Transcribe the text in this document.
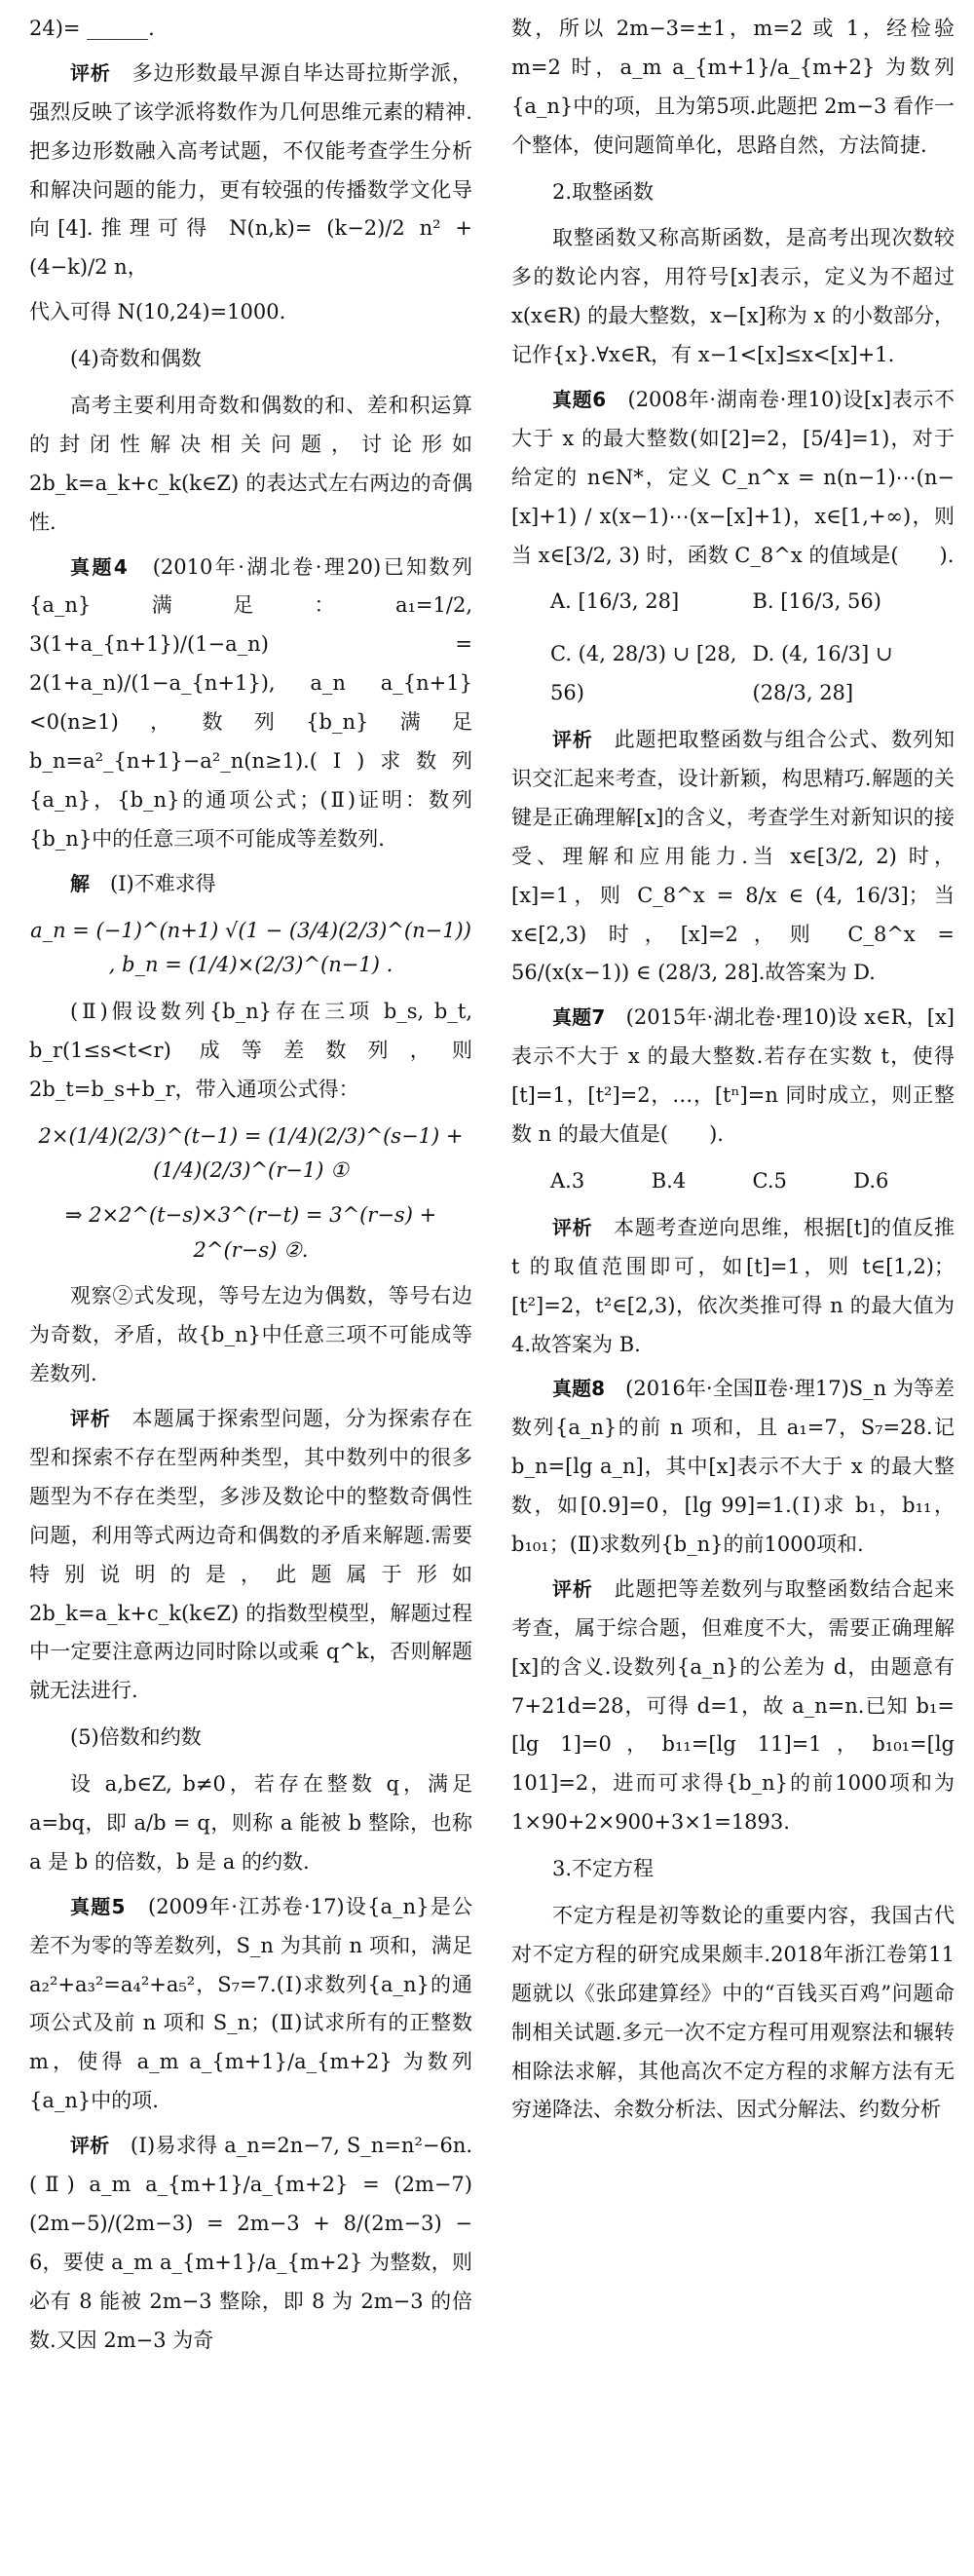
24)= ______.

评析　 多边形数最早源自毕达哥拉斯学派，强烈反映了该学派将数作为几何思维元素的精神.把多边形数融入高考试题，不仅能考查学生分析和解决问题的能力，更有较强的传播数学文化导向[4].推理可得 N(n,k)= (k−2)/2 n² + (4−k)/2 n，

代入可得 N(10,24)=1000.

(4)奇数和偶数

高考主要利用奇数和偶数的和、差和积运算的封闭性解决相关问题，讨论形如 2b_k=a_k+c_k(k∈Z) 的表达式左右两边的奇偶性.

真题4　 (2010年·湖北卷·理20)已知数列{a_n}满足：a₁=1/2, 3(1+a_{n+1})/(1−a_n) = 2(1+a_n)/(1−a_{n+1}), a_n a_{n+1}<0(n≥1)，数列{b_n}满足 b_n=a²_{n+1}−a²_n(n≥1).(Ⅰ)求数列{a_n}，{b_n}的通项公式；(Ⅱ)证明：数列{b_n}中的任意三项不可能成等差数列.

解　 (Ⅰ)不难求得

a_n = (−1)^(n+1) √(1 − (3/4)(2/3)^(n−1)) , b_n = (1/4)×(2/3)^(n−1) .

(Ⅱ)假设数列{b_n}存在三项 b_s, b_t, b_r(1≤s<t<r) 成等差数列，则 2b_t=b_s+b_r，带入通项公式得：

2×(1/4)(2/3)^(t−1) = (1/4)(2/3)^(s−1) + (1/4)(2/3)^(r−1) ①

⇒ 2×2^(t−s)×3^(r−t) = 3^(r−s) + 2^(r−s) ②.

观察②式发现，等号左边为偶数，等号右边为奇数，矛盾，故{b_n}中任意三项不可能成等差数列.

评析　 本题属于探索型问题，分为探索存在型和探索不存在型两种类型，其中数列中的很多题型为不存在类型，多涉及数论中的整数奇偶性问题，利用等式两边奇和偶数的矛盾来解题.需要特别说明的是，此题属于形如 2b_k=a_k+c_k(k∈Z) 的指数型模型，解题过程中一定要注意两边同时除以或乘 q^k，否则解题就无法进行.

(5)倍数和约数

设 a,b∈Z, b≠0，若存在整数 q，满足 a=bq，即 a/b = q，则称 a 能被 b 整除，也称 a 是 b 的倍数，b 是 a 的约数.

真题5　 (2009年·江苏卷·17)设{a_n}是公差不为零的等差数列，S_n 为其前 n 项和，满足 a₂²+a₃²=a₄²+a₅²，S₇=7.(Ⅰ)求数列{a_n}的通项公式及前 n 项和 S_n；(Ⅱ)试求所有的正整数 m，使得 a_m a_{m+1}/a_{m+2} 为数列{a_n}中的项.

评析　 (Ⅰ)易求得 a_n=2n−7, S_n=n²−6n.(Ⅱ) a_m a_{m+1}/a_{m+2} = (2m−7)(2m−5)/(2m−3) = 2m−3 + 8/(2m−3) − 6，要使 a_m a_{m+1}/a_{m+2} 为整数，则必有 8 能被 2m−3 整除，即 8 为 2m−3 的倍数.又因 2m−3 为奇

数，所以 2m−3=±1，m=2 或 1，经检验 m=2 时，a_m a_{m+1}/a_{m+2} 为数列{a_n}中的项，且为第5项.此题把 2m−3 看作一个整体，使问题简单化，思路自然，方法简捷.

2.取整函数

取整函数又称高斯函数，是高考出现次数较多的数论内容，用符号[x]表示，定义为不超过 x(x∈R) 的最大整数，x−[x]称为 x 的小数部分，记作{x}.∀x∈R，有 x−1<[x]≤x<[x]+1.

真题6　 (2008年·湖南卷·理10)设[x]表示不大于 x 的最大整数(如[2]=2，[5/4]=1)，对于给定的 n∈N*，定义 C_n^x = n(n−1)⋯(n−[x]+1) / x(x−1)⋯(x−[x]+1)，x∈[1,+∞)，则当 x∈[3/2, 3) 时，函数 C_8^x 的值域是(　　).

A. [16/3, 28]	B. [16/3, 56)
C. (4, 28/3) ∪ [28, 56)
D. (4, 16/3] ∪ (28/3, 28]

评析　 此题把取整函数与组合公式、数列知识交汇起来考查，设计新颖，构思精巧.解题的关键是正确理解[x]的含义，考查学生对新知识的接受、理解和应用能力.当 x∈[3/2, 2) 时，[x]=1，则 C_8^x = 8/x ∈ (4, 16/3]；当 x∈[2,3) 时，[x]=2，则 C_8^x = 56/(x(x−1)) ∈ (28/3, 28].故答案为 D.

真题7　 (2015年·湖北卷·理10)设 x∈R，[x]表示不大于 x 的最大整数.若存在实数 t，使得[t]=1，[t²]=2，…，[tⁿ]=n 同时成立，则正整数 n 的最大值是(　　).

A.3	B.4	C.5	D.6

评析　 本题考查逆向思维，根据[t]的值反推 t 的取值范围即可，如[t]=1，则 t∈[1,2)；[t²]=2，t²∈[2,3)，依次类推可得 n 的最大值为 4.故答案为 B.

真题8　 (2016年·全国Ⅱ卷·理17)S_n 为等差数列{a_n}的前 n 项和，且 a₁=7，S₇=28.记 b_n=[lg a_n]，其中[x]表示不大于 x 的最大整数，如[0.9]=0，[lg 99]=1.(Ⅰ)求 b₁，b₁₁，b₁₀₁；(Ⅱ)求数列{b_n}的前1000项和.

评析　 此题把等差数列与取整函数结合起来考查，属于综合题，但难度不大，需要正确理解[x]的含义.设数列{a_n}的公差为 d，由题意有 7+21d=28，可得 d=1，故 a_n=n.已知 b₁=[lg 1]=0，b₁₁=[lg 11]=1，b₁₀₁=[lg 101]=2，进而可求得{b_n}的前1000项和为 1×90+2×900+3×1=1893.

3.不定方程

不定方程是初等数论的重要内容，我国古代对不定方程的研究成果颇丰.2018年浙江卷第11题就以《张邱建算经》中的“百钱买百鸡”问题命制相关试题.多元一次不定方程可用观察法和辗转相除法求解，其他高次不定方程的求解方法有无穷递降法、余数分析法、因式分解法、约数分析
